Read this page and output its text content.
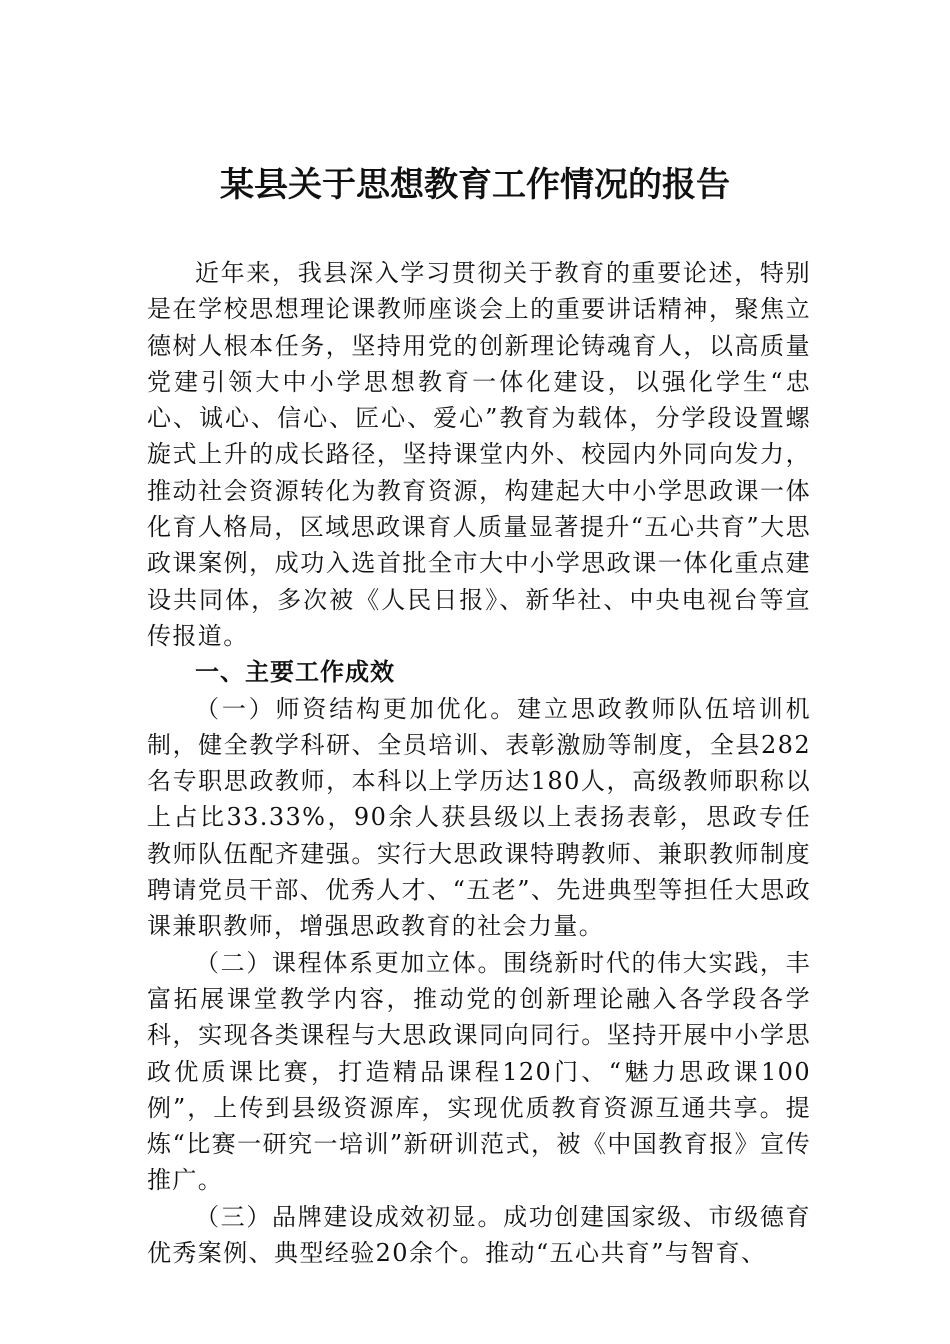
某县关于思想教育工作情况的报告

近年来，我县深入学习贯彻关于教育的重要论述，特别是在学校思想理论课教师座谈会上的重要讲话精神，聚焦立德树人根本任务，坚持用党的创新理论铸魂育人，以高质量党建引领大中小学思想教育一体化建设，以强化学生“忠心、诚心、信心、匠心、爱心”教育为载体，分学段设置螺旋式上升的成长路径，坚持课堂内外、校园内外同向发力，推动社会资源转化为教育资源，构建起大中小学思政课一体化育人格局，区域思政课育人质量显著提升“五心共育”大思政课案例，成功入选首批全市大中小学思政课一体化重点建设共同体，多次被《人民日报》、新华社、中央电视台等宣传报道。

一、主要工作成效

（一）师资结构更加优化。建立思政教师队伍培训机制，健全教学科研、全员培训、表彰激励等制度，全县282名专职思政教师，本科以上学历达180人，高级教师职称以上占比33.33%，90余人获县级以上表扬表彰，思政专任教师队伍配齐建强。实行大思政课特聘教师、兼职教师制度聘请党员干部、优秀人才、“五老”、先进典型等担任大思政课兼职教师，增强思政教育的社会力量。

（二）课程体系更加立体。围绕新时代的伟大实践，丰富拓展课堂教学内容，推动党的创新理论融入各学段各学科，实现各类课程与大思政课同向同行。坚持开展中小学思政优质课比赛，打造精品课程120门、“魅力思政课100例”，上传到县级资源库，实现优质教育资源互通共享。提炼“比赛一研究一培训”新研训范式，被《中国教育报》宣传推广。

（三）品牌建设成效初显。成功创建国家级、市级德育优秀案例、典型经验20余个。推动“五心共育”与智育、
